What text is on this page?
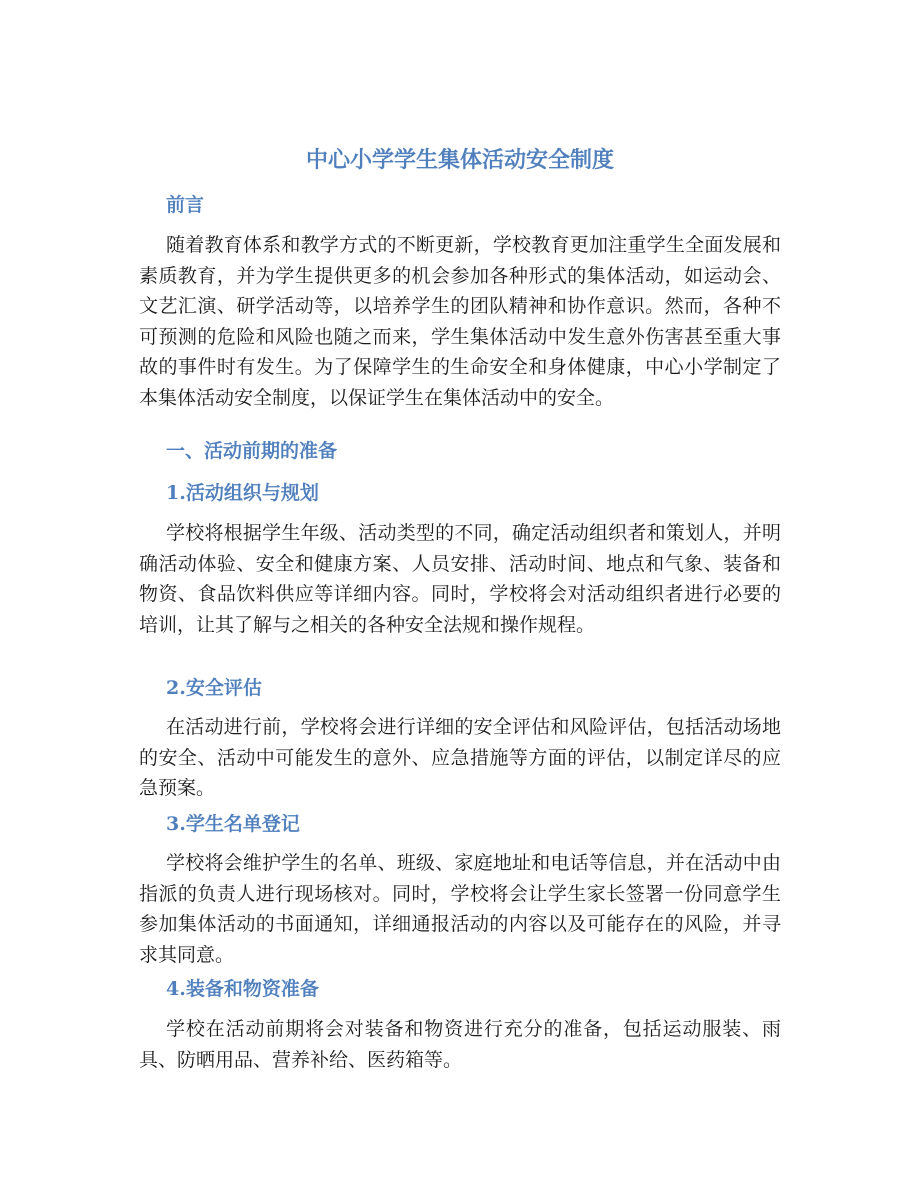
中心小学学生集体活动安全制度
前言

随着教育体系和教学方式的不断更新，学校教育更加注重学生全面发展和素质教育，并为学生提供更多的机会参加各种形式的集体活动，如运动会、文艺汇演、研学活动等，以培养学生的团队精神和协作意识。然而，各种不可预测的危险和风险也随之而来，学生集体活动中发生意外伤害甚至重大事故的事件时有发生。为了保障学生的生命安全和身体健康，中心小学制定了本集体活动安全制度，以保证学生在集体活动中的安全。

一、活动前期的准备
1.活动组织与规划

学校将根据学生年级、活动类型的不同，确定活动组织者和策划人，并明确活动体验、安全和健康方案、人员安排、活动时间、地点和气象、装备和物资、食品饮料供应等详细内容。同时，学校将会对活动组织者进行必要的培训，让其了解与之相关的各种安全法规和操作规程。

2.安全评估

在活动进行前，学校将会进行详细的安全评估和风险评估，包括活动场地的安全、活动中可能发生的意外、应急措施等方面的评估，以制定详尽的应急预案。

3.学生名单登记

学校将会维护学生的名单、班级、家庭地址和电话等信息，并在活动中由指派的负责人进行现场核对。同时，学校将会让学生家长签署一份同意学生参加集体活动的书面通知，详细通报活动的内容以及可能存在的风险，并寻求其同意。

4.装备和物资准备

学校在活动前期将会对装备和物资进行充分的准备，包括运动服装、雨具、防晒用品、营养补给、医药箱等。
